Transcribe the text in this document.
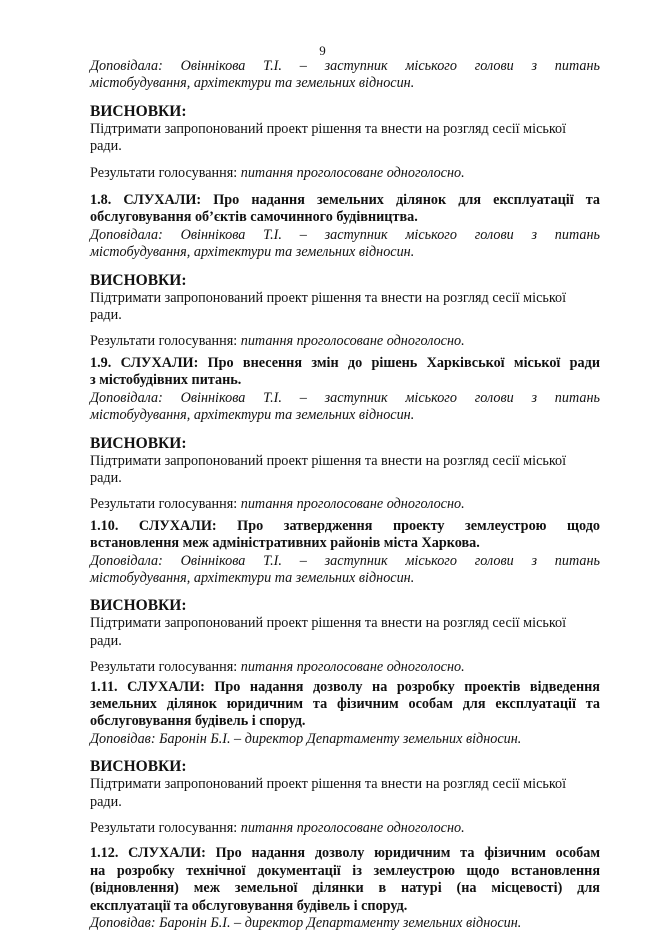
9

Доповідала: Овіннікова Т.І. – заступник міського голови з питань

містобудування, архітектури та земельних відносин.

ВИСНОВКИ:

Підтримати запропонований проект рішення та внести на розгляд сесії міської

ради.

Результати голосування: питання проголосоване одноголосно.

1.8. СЛУХАЛИ: Про надання земельних ділянок для експлуатації та

обслуговування об’єктів самочинного будівництва.

Доповідала: Овіннікова Т.І. – заступник міського голови з питань

містобудування, архітектури та земельних відносин.

ВИСНОВКИ:

Підтримати запропонований проект рішення та внести на розгляд сесії міської

ради.

Результати голосування: питання проголосоване одноголосно.

1.9. СЛУХАЛИ: Про внесення змін до рішень Харківської міської ради

з містобудівних питань.

Доповідала: Овіннікова Т.І. – заступник міського голови з питань

містобудування, архітектури та земельних відносин.

ВИСНОВКИ:

Підтримати запропонований проект рішення та внести на розгляд сесії міської

ради.

Результати голосування: питання проголосоване одноголосно.

1.10. СЛУХАЛИ: Про затвердження проекту землеустрою щодо

встановлення меж адміністративних районів міста Харкова.

Доповідала: Овіннікова Т.І. – заступник міського голови з питань

містобудування, архітектури та земельних відносин.

ВИСНОВКИ:

Підтримати запропонований проект рішення та внести на розгляд сесії міської

ради.

Результати голосування: питання проголосоване одноголосно.

1.11. СЛУХАЛИ: Про надання дозволу на розробку проектів відведення

земельних ділянок юридичним та фізичним особам для експлуатації та

обслуговування будівель і споруд.

Доповідав: Баронін Б.І. – директор Департаменту земельних відносин.

ВИСНОВКИ:

Підтримати запропонований проект рішення та внести на розгляд сесії міської

ради.

Результати голосування: питання проголосоване одноголосно.

1.12. СЛУХАЛИ: Про надання дозволу юридичним та фізичним особам

на розробку технічної документації із землеустрою щодо встановлення

(відновлення) меж земельної ділянки в натурі (на місцевості) для

експлуатації та обслуговування будівель і споруд.

Доповідав: Баронін Б.І. – директор Департаменту земельних відносин.
